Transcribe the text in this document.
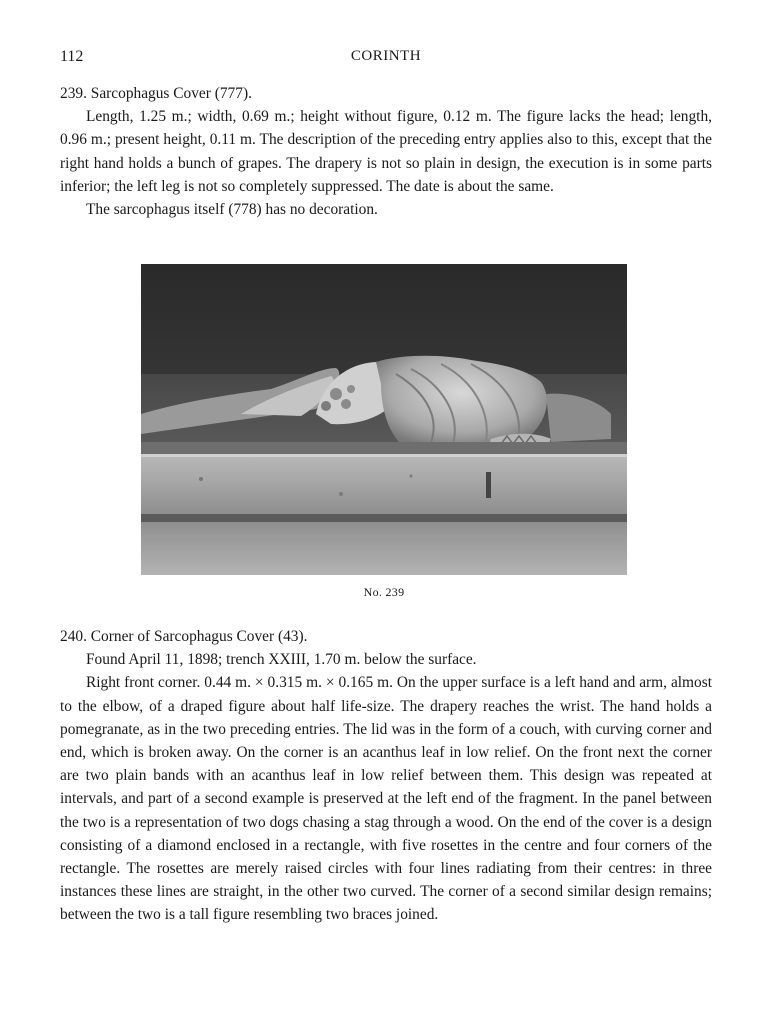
112	CORINTH

239. Sarcophagus Cover (777).

Length, 1.25 m.; width, 0.69 m.; height without figure, 0.12 m. The figure lacks the head; length, 0.96 m.; present height, 0.11 m. The description of the preceding entry applies also to this, except that the right hand holds a bunch of grapes. The drapery is not so plain in design, the execution is in some parts inferior; the left leg is not so completely suppressed. The date is about the same.

The sarcophagus itself (778) has no decoration.

No. 239

240. Corner of Sarcophagus Cover (43).

Found April 11, 1898; trench XXIII, 1.70 m. below the surface.

Right front corner. 0.44 m. × 0.315 m. × 0.165 m. On the upper surface is a left hand and arm, almost to the elbow, of a draped figure about half life-size. The drapery reaches the wrist. The hand holds a pomegranate, as in the two preceding entries. The lid was in the form of a couch, with curving corner and end, which is broken away. On the corner is an acanthus leaf in low relief. On the front next the corner are two plain bands with an acanthus leaf in low relief between them. This design was repeated at intervals, and part of a second example is preserved at the left end of the fragment. In the panel between the two is a representation of two dogs chasing a stag through a wood. On the end of the cover is a design consisting of a diamond enclosed in a rectangle, with five rosettes in the centre and four corners of the rectangle. The rosettes are merely raised circles with four lines radiating from their centres: in three instances these lines are straight, in the other two curved. The corner of a second similar design remains; between the two is a tall figure resembling two braces joined.
